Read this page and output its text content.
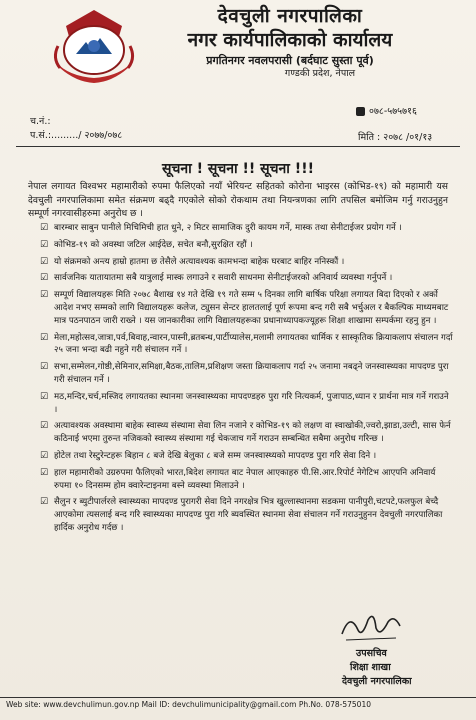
देवचुली नगरपालिका
नगर कार्यपालिकाको कार्यालय
प्रगतिनगर नवलपरासी (बर्दघाट सुस्ता पूर्व)
गण्डकी प्रदेश, नेपाल
च.नं.:
प.सं.:........./ २०७७/०७८
०७८-५७५७१६
मिति : २०७८ /०१/१३
सूचना ! सूचना !! सूचना !!!
नेपाल लगायत विश्वभर महामारीको रुपमा फैलिएको नयाँ भेरियन्ट सहितको कोरोना भाइरस (कोभिड-१९) को महामारी यस देवचुली नगरपालिकामा समेत संक्रमण बढ्दै गएकोले सोको रोकथाम तथा नियन्त्रणका लागि तपसिल बमोजिम गर्नु गराउनुहुन सम्पूर्ण नगरवासीहरुमा अनुरोध छ ।
☑ बारम्बार साबुन पानीले मिचिमिची हात धुने, २ मिटर सामाजिक दुरी कायम गर्ने, मास्क तथा सेनीटाईजर प्रयोग गर्ने ।
☑ कोभिड-१९ को अवस्था जटिल आईदेछ, सचेत बनौ,सुरक्षित रहौं ।
☑ यो संक्रमको अन्त्य हाम्रो हातमा छ तेसैले अत्यावश्यक कामभन्दा बाहेक घरबाट बाहिर ननिस्कौं ।
☑ सार्वजनिक यातायातमा सबै यात्रुलाई मास्क लगाउने र सवारी साधनमा सेनीटाईजरको अनिवार्य व्यवस्था गर्नुपर्ने ।
☑ सम्पूर्ण विद्यालयहरू मिति २०७८ बैशाख १४ गते देखि १९ गते सम्म ५ दिनका लागि बार्षिक परिक्षा लगायत बिदा दिएको र अर्को आदेश नभए सम्मको लागि विद्यालयहरू कलेज, ट्युसन सेन्टर हालतलाई पूर्ण रूपमा बन्द गरी सबै भर्चुअल र बैकल्पिक माध्यमबाट मात्र पठनपाठन जारी राख्ने । यस जानकारीका लागि विद्यालयहरूका प्रधानाध्यापकज्यूहरू शिक्षा शाखामा सम्पर्कमा रहनु हुन ।
☑ मेला,महोत्सव,जात्रा,पर्व,बिवाह,न्वारन,पास्नी,ब्रतबन्ध,पार्टीप्यालेस,मलामी लगायतका धार्मिक र सास्कृतिक क्रियाकलाप संचालन गर्दा २५ जना भन्दा बढी नहुने गरी संचालन गर्ने ।
☑ सभा,सम्मेलन,गोष्ठी,सेमिनार,समिक्षा,बैठक,तालिम,प्रशिक्षण जस्ता क्रियाकलाप गर्दा २५ जनामा नबढ्ने जनस्वास्थ्यका मापदण्ड पुरा गरी संचालन गर्ने ।
☑ मठ,मन्दिर,चर्च,मस्जिद लगायतका स्थानमा जनस्वास्थ्यका मापदण्डहरु पुरा गरि नित्यकर्म, पुजापाठ,ध्यान र प्रार्थना मात्र गर्ने गराउने ।
☑ अत्यावश्यक अवस्थामा बाहेक स्वास्थ्य संस्थामा सेवा लिन नजाने र कोभिड-१९ को लक्षण वा स्वाखोकी,ज्वरो,झाडा,उल्टी, सास फेर्न कठिनाई भएमा तुरुन्त नजिकको स्वास्थ्य संस्थामा गई चेकजाच गर्ने गराउन सम्बन्धित सबैमा अनुरोध गरिन्छ ।
☑ होटेल तथा रेस्टुरेन्टहरू बिहान ८ बजे देखि बेलुका ८ बजे सम्म जनस्वास्थ्यको मापदण्ड पुरा गरि सेवा दिने ।
☑ हाल महामारीको उग्ररुपमा फैलिएको भारत,बिदेश लगायत बाट नेपाल आएकाहरु पी.सि.आर.रिपोर्ट नेगेटिभ आएपनि अनिवार्य रुपमा १० दिनसम्म होम क्वारेन्टाइनमा बस्ने व्यवस्था मिलाउने ।
☑ सैलुन र ब्युटीपार्लरले स्वास्थ्यका मापदण्ड पुरागरी सेवा दिने नगरक्षेत्र भित्र खुल्लास्थानमा सडकमा पानीपुरी,चटपटे,फलफुल बेच्दै आएकोमा त्यसलाई बन्द गरि स्वास्थ्यका मापदण्ड पुरा गरि ब्यवस्थित स्थानमा सेवा संचालन गर्ने गराउनुहुनन देवचुली नगरपालिका हार्दिक अनुरोध गर्दछ ।
उपसचिव
शिक्षा शाखा
देवचुली नगरपालिका
Web site: www.devchulimun.gov.np Mail ID: devchulimunicipality@gmail.com Ph.No. 078-575010
